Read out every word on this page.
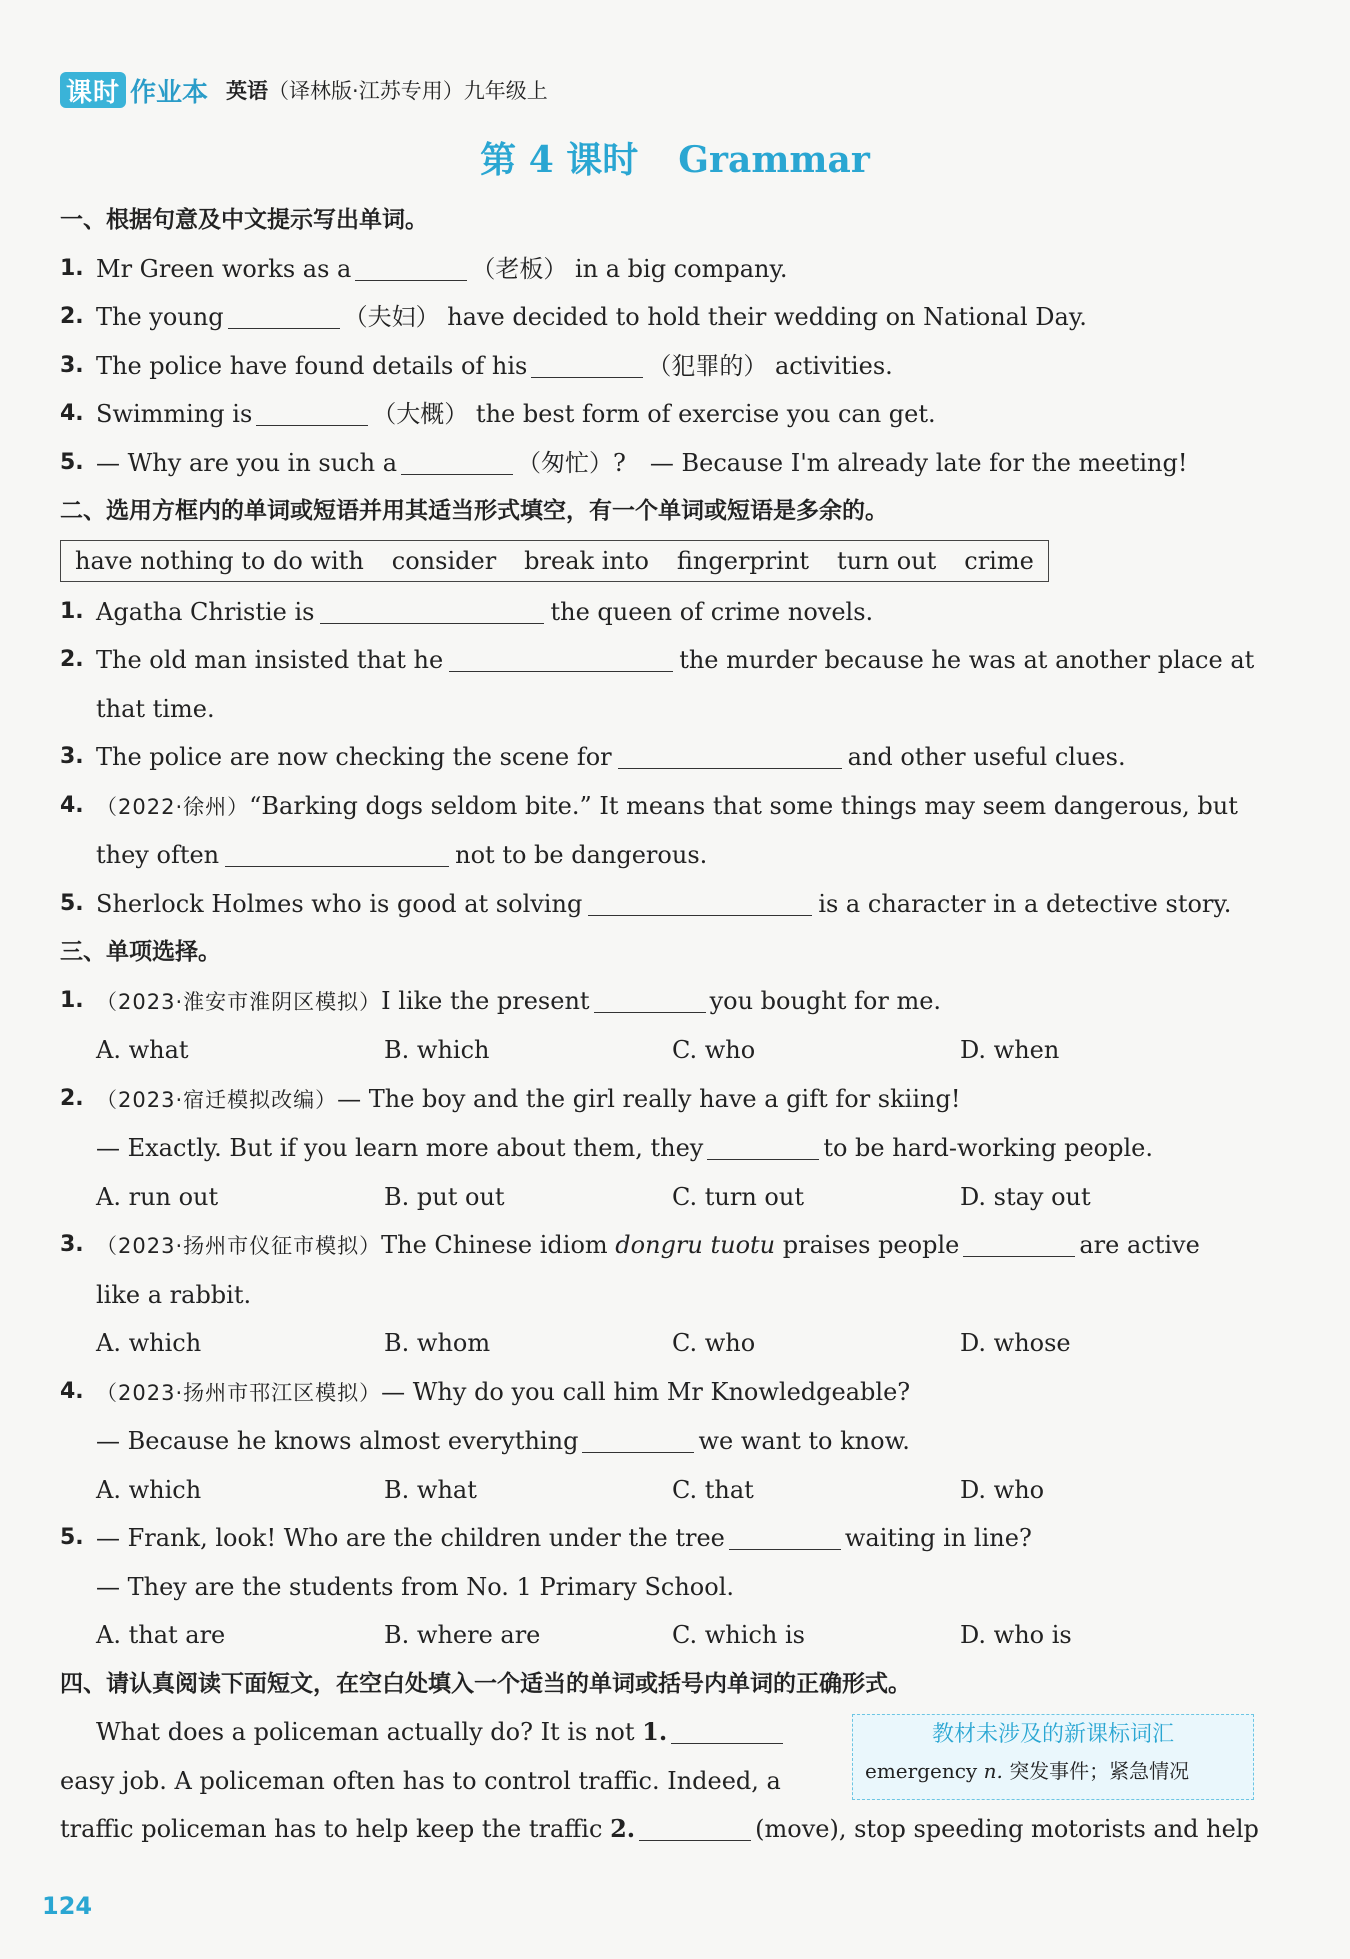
课时 作业本 英语（译林版·江苏专用）九年级上
第 4 课时 Grammar
一、根据句意及中文提示写出单词。
1. Mr Green works as a	（老板） in a big company.
2. The young	（夫妇） have decided to hold their wedding on National Day.
3. The police have found details of his	（犯罪的） activities.
4. Swimming is	（大概） the best form of exercise you can get.
5. — Why are you in such a	（匆忙）?　— Because I'm already late for the meeting!
二、选用方框内的单词或短语并用其适当形式填空，有一个单词或短语是多余的。
have nothing to do with consider break into fingerprint turn out crime
1. Agatha Christie is	the queen of crime novels.
2. The old man insisted that he	the murder because he was at another place at
that time.
3. The police are now checking the scene for	and other useful clues.
4. （2022·徐州）“Barking dogs seldom bite.” It means that some things may seem dangerous, but
they often	not to be dangerous.
5. Sherlock Holmes who is good at solving	is a character in a detective story.
三、单项选择。
1. （2023·淮安市淮阴区模拟）I like the present	you bought for me.
A. what	B. which	C. who	D. when
2. （2023·宿迁模拟改编）— The boy and the girl really have a gift for skiing!
— Exactly. But if you learn more about them, they	to be hard-working people.
A. run out	B. put out	C. turn out	D. stay out
3. （2023·扬州市仪征市模拟）The Chinese idiom dongru tuotu praises people	are active
like a rabbit.
A. which	B. whom	C. who	D. whose
4. （2023·扬州市邗江区模拟）— Why do you call him Mr Knowledgeable?
— Because he knows almost everything	we want to know.
A. which	B. what	C. that	D. who
5. — Frank, look! Who are the children under the tree	waiting in line?
— They are the students from No. 1 Primary School.
A. that are	B. where are	C. which is	D. who is
四、请认真阅读下面短文，在空白处填入一个适当的单词或括号内单词的正确形式。
What does a policeman actually do? It is not 1.
easy job. A policeman often has to control traffic. Indeed, a
traffic policeman has to help keep the traffic 2.	(move), stop speeding motorists and help
教材未涉及的新课标词汇
emergency n. 突发事件；紧急情况
124
